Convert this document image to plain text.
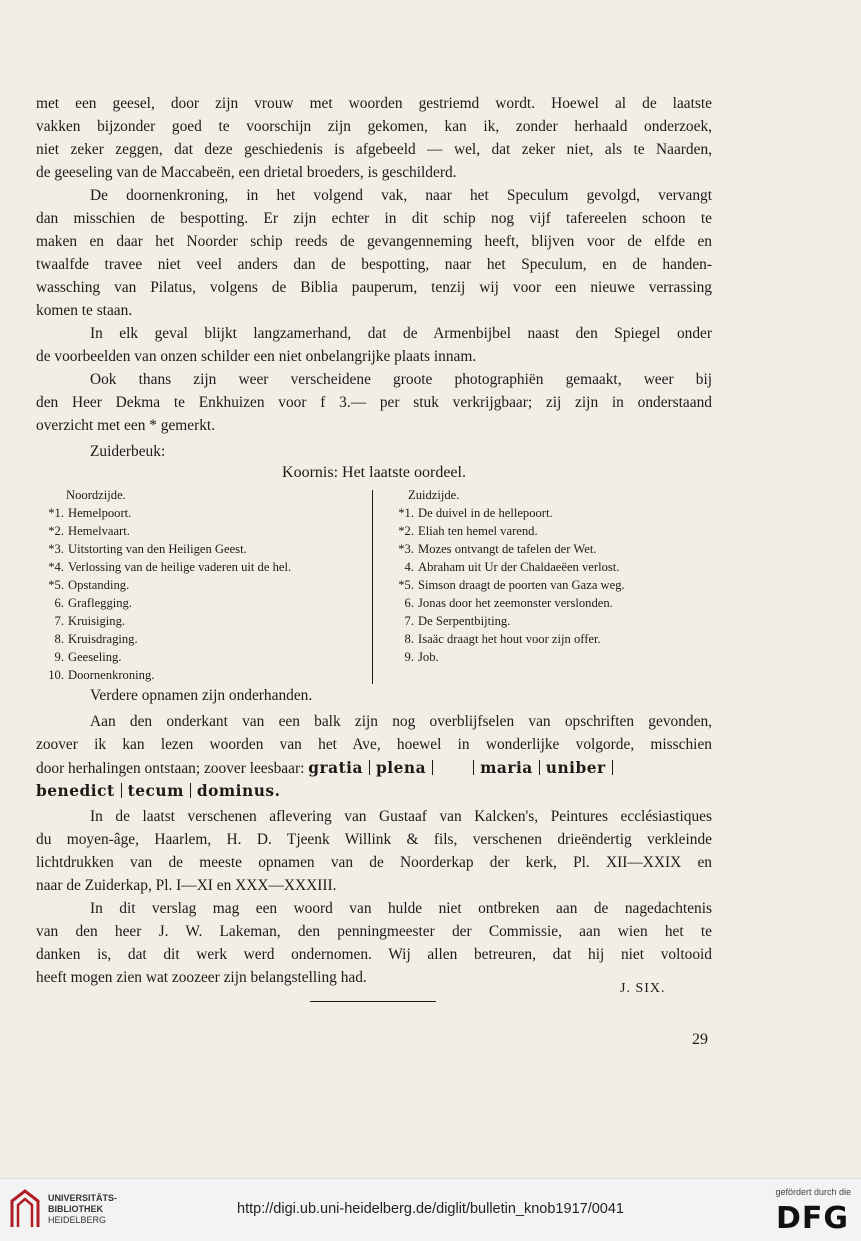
met een geesel, door zijn vrouw met woorden gestriemd wordt. Hoewel al de laatste
vakken bijzonder goed te voorschijn zijn gekomen, kan ik, zonder herhaald onderzoek,
niet zeker zeggen, dat deze geschiedenis is afgebeeld — wel, dat zeker niet, als te Naarden,
de geeseling van de Maccabeën, een drietal broeders, is geschilderd.
De doornenkroning, in het volgend vak, naar het Speculum gevolgd, vervangt
dan misschien de bespotting. Er zijn echter in dit schip nog vijf tafereelen schoon te
maken en daar het Noorder schip reeds de gevangenneming heeft, blijven voor de elfde en
twaalfde travee niet veel anders dan de bespotting, naar het Speculum, en de handen-
wassching van Pilatus, volgens de Biblia pauperum, tenzij wij voor een nieuwe verrassing
komen te staan.
In elk geval blijkt langzamerhand, dat de Armenbijbel naast den Spiegel onder
de voorbeelden van onzen schilder een niet onbelangrijke plaats innam.
Ook thans zijn weer verscheidene groote photographiën gemaakt, weer bij
den Heer Dekma te Enkhuizen voor f 3.— per stuk verkrijgbaar; zij zijn in onderstaand
overzicht met een * gemerkt.
Zuiderbeuk:
Koornis: Het laatste oordeel.
Noordzijde.
*1. Hemelpoort.
*2. Hemelvaart.
*3. Uitstorting van den Heiligen Geest.
*4. Verlossing van de heilige vaderen uit de hel.
*5. Opstanding.
6. Graflegging.
7. Kruisiging.
8. Kruisdraging.
9. Geeseling.
10. Doornenkroning.
Zuidzijde.
*1. De duivel in de hellepoort.
*2. Eliah ten hemel varend.
*3. Mozes ontvangt de tafelen der Wet.
4. Abraham uit Ur der Chaldaeëen verlost.
*5. Simson draagt de poorten van Gaza weg.
6. Jonas door het zeemonster verslonden.
7. De Serpentbijting.
8. Isaäc draagt het hout voor zijn offer.
9. Job.
Verdere opnamen zijn onderhanden.
Aan den onderkant van een balk zijn nog overblijfselen van opschriften gevonden,
zoover ik kan lezen woorden van het Ave, hoewel in wonderlijke volgorde, misschien
door herhalingen ontstaan; zoover leesbaar: gratia plena	maria uniber
benedict tecum dominus.
In de laatst verschenen aflevering van Gustaaf van Kalcken's, Peintures ecclésiastiques
du moyen-âge, Haarlem, H. D. Tjeenk Willink & fils, verschenen drieëndertig verkleinde
lichtdrukken van de meeste opnamen van de Noorderkap der kerk, Pl. XII—XXIX en
naar de Zuiderkap, Pl. I—XI en XXX—XXXIII.
In dit verslag mag een woord van hulde niet ontbreken aan de nagedachtenis
van den heer J. W. Lakeman, den penningmeester der Commissie, aan wien het te
danken is, dat dit werk werd ondernomen. Wij allen betreuren, dat hij niet voltooid
heeft mogen zien wat zoozeer zijn belangstelling had.
J. SIX.
29
UNIVERSITÄTS-
BIBLIOTHEK
HEIDELBERG
http://digi.ub.uni-heidelberg.de/diglit/bulletin_knob1917/0041
gefördert durch die
DFG
